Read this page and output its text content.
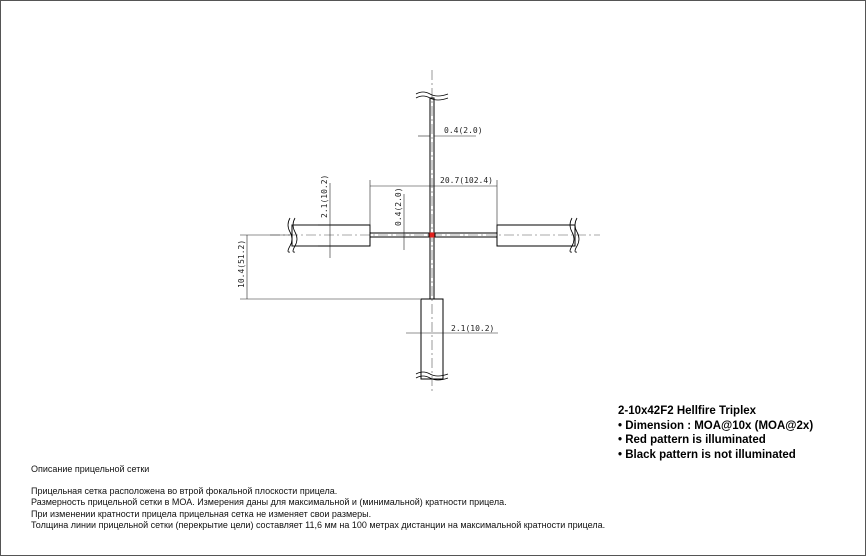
0.4(2.0)
20.7(102.4)
2.1(10.2)	0.4(2.0)
10.4(51.2)
2.1(10.2)
2-10x42F2 Hellfire Triplex
• Dimension : MOA@10x (MOA@2x)
• Red pattern is illuminated
• Black pattern is not illuminated
Описание прицельной сетки
Прицельная сетка расположена во втрой фокальной плоскости прицела.
Размерность прицельной сетки в МОА. Измерения даны для максимальной и (минимальной) кратности прицела.
При изменении кратности прицела прицельная сетка не изменяет свои размеры.
Толщина линии прицельной сетки (перекрытие цели) составляет 11,6 мм на 100 метрах дистанции на максимальной кратности прицела.
